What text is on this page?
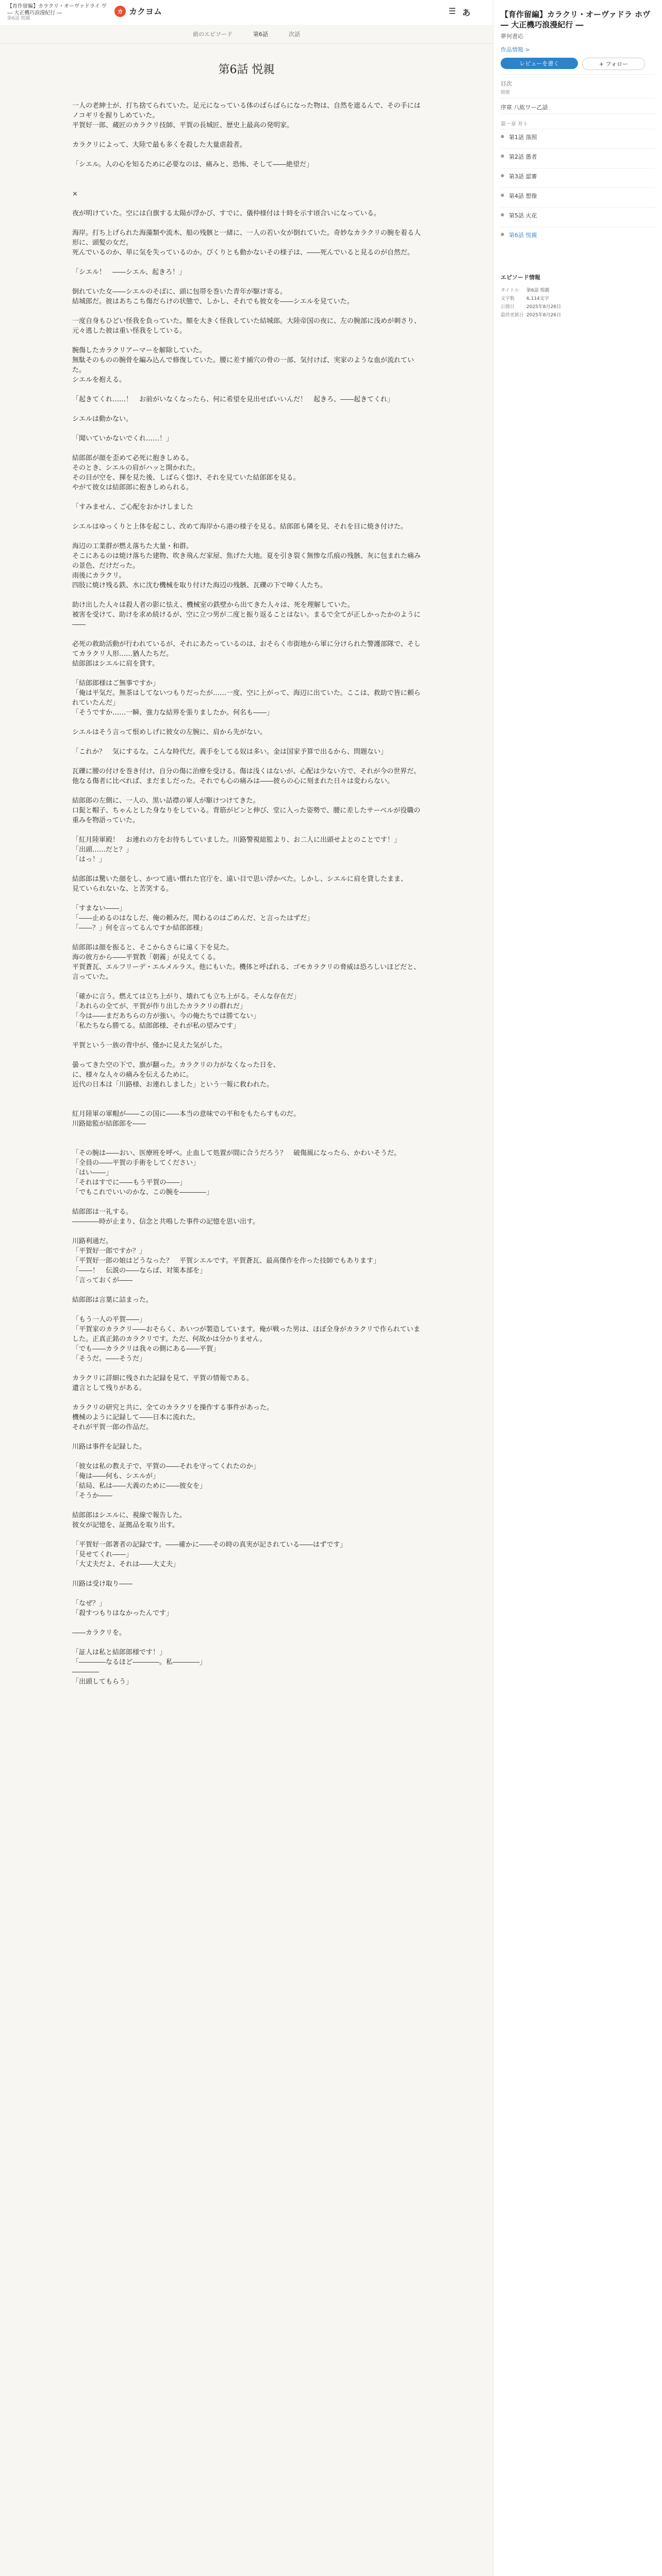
【育作留編】カラクリ・オーヴァドライ ヴ ― 大正機巧浪漫紀行 ―
第6話 悦親
カ カクヨム	☰ あ
前のエピソード	第6話	次話
第6話 悦親

一人の老紳士が、打ち捨てられていた。足元になっている体のばらばらになった物は、自然を遮るんで、その手にはノコギリを握りしめていた。

平賀好一郎、蔵匠のカラクリ技師、平賀の長城匠、歴史上最高の発明家。

カラクリによって、大陸で最も多くを殺した大量虐殺者。

「シエル。人の心を知るために必要なのは、痛みと、恐怖、そして――絶望だ」

×

夜が明けていた。空には白旗する太陽が浮かび、すでに、儀仲様付は十時を示す頃合いになっている。

海岸。打ち上げられた海藻類や流木、船の残骸と一緒に、一人の若い女が倒れていた。奇妙なカラクリの腕を着る人形に、頭髪の女だ。

死んでいるのか、単に気を失っているのか。ぴくりとも動かないその様子は、――死んでいると見るのが自然だ。

「シエル！　――シエル、起きろ！」

倒れていた女――シエルのそばに、頭に包帯を巻いた青年が駆け寄る。

結城郎だ。彼はあちこち傷だらけの状態で、しかし、それでも彼女を――シエルを見ていた。

一度自身もひどい怪我を負っていた。額を大きく怪我していた結城郎。大陸帝国の夜に、左の腕部に浅めが刺さり、元々逃した彼は重い怪我をしている。

腕傷したカラクリアーマーを解除していた。

無駄そのものの腕骨を編み込んで修復していた。腰に差す捕穴の骨の一部、気付けば、実家のような血が流れていた。

シエルを抱える。

「起きてくれ……！　お前がいなくなったら、何に希望を見出せばいいんだ！　起きろ、――起きてくれ」

シエルは動かない。

「聞いていかないでくれ……！」

結郎郎が顔を歪めて必死に抱きしめる。

そのとき、シエルの肩がハッと開かれた。

その目が空を、揮を見た後、しばらく惚け、それを見ていた結郎郎を見る。

やがて彼女は結郎郎に抱きしめられる。

「すみません、ご心配をおかけしました

シエルはゆっくりと上体を起こし、改めて海岸から港の様子を見る。結郎郎も隣を見、それを目に焼き付けた。

海辺の工業群が燃え落ちた大量・和群。

そこにあるのは焼け落ちた建物、吹き飛んだ家屋、焦げた大地。夏を引き裂く無惨な爪痕の残骸、灰に包まれた痛みの景色、だけだった。

雨後にカラクリ。

四肢に焼け残る鉄、水に沈む機械を取り付けた海辺の残骸、瓦礫の下で呻く人たち。

助け出した人々は殺人者の影に怯え、機械室の鉄壁から出てきた人々は、死を理解していた。

被害を受けて、助けを求め続けるが、空に立つ男が二度と振り返ることはない。まるで全てが正しかったかのように――

必死の救助活動が行われているが、それにあたっているのは、おそらく市街地から軍に分けられた警護部隊で、そしてカラクリ人形……猶人たちだ。

結郎郎はシエルに肩を貸す。

「結郎郎様はご無事ですか」

「俺は平気だ。無茶はしてないつもりだったが……一度、空に上がって、海辺に出ていた。ここは、救助で皆に頼られていたんだ」

「そうですか……一瞬、強力な結界を張りましたか。何名も――」

シエルはそう言って恨めしげに彼女の左腕に、肩から先がない。

「これか？　気にするな。こんな時代だ。義手をしてる奴は多い。金は国家予算で出るから、問題ない」

瓦礫に腰の付けを巻き付け、自分の傷に治療を受ける。傷は浅くはないが、心配は少ない方で、それが今の世界だ。

他なる傷者に比べれば、まだましだった。それでも心の痛みは――彼らの心に刻まれた日々は変わらない。

結郎郎の左側に、一人の、黒い詰襟の軍人が駆けつけてきた。

口髭と帽子、ちゃんとした身なりをしている。背筋がピンと伸び、堂に入った姿勢で、腰に差したサーベルが役職の重みを物語っていた。

「紅月陸軍殿！　お連れの方をお待ちしていました。川路警視総監より、お二人に出頭せよとのことです！」

「出頭……だと？」

「はっ！」

結郎郎は驚いた顔をし、かつて通い慣れた官庁を、遠い目で思い浮かべた。しかし、シエルに肩を貸したまま、

見ていられないな、と苦笑する。

「すまない――」

「――止めるのはなしだ、俺の頼みだ。関わるのはごめんだ、と言ったはずだ」

「――？」何を言ってるんですか結郎郎様」

結郎郎は顔を振ると、そこからさらに遠く下を見た。

海の彼方から――平賀教「朝霧」が見えてくる。

平賀蒼瓦、エルフリーデ・エルメルラス。他にもいた。機体と呼ばれる、ゴモカラクリの脅威は恐ろしいほどだと、言っていた。

「確かに言う。燃えては立ち上がり、壊れても立ち上がる。そんな存在だ」

「あれらの全てが、平賀が作り出したカラクリの群れだ」

「今は――まだあちらの方が強い。今の俺たちでは勝てない」

「私たちなら勝てる。結郎郎様、それが私の望みです」

平賀という一族の背中が、僅かに見えた気がした。

曇ってきた空の下で、旗が翻った。カラクリの力がなくなった日を、

に、様々な人々の痛みを伝えるために。

近代の日本は「川路様、お連れしました」という一報に救われた。

紅月陸軍の軍帽が――この国に――本当の意味での平和をもたらすものだ。

川路総監が結郎郎を――

「その腕は――おい、医療班を呼べ。止血して処置が間に合うだろう？　破傷風になったら、かわいそうだ。

「全員の――平賀の手術をしてください」

「はい――」

「それはすでに――もう平賀の――」

「でもこれでいいのかな、この腕を――――」

結郎郎は一礼する。

――――時が止まり、信念と共鳴した事件の記憶を思い出す。

川路利通だ。

「平賀好一郎ですか？」

「平賀好一郎の娘はどうなった？　平賀シエルです。平賀蒼瓦、最高傑作を作った技師でもあります」

「――！　伝説の――ならば、対策本部を」

「言っておくが――

結郎郎は言葉に詰まった。

「もう一人の平賀――」

「平賀家のカラクリ――おそらく、あいつが製造しています。俺が戦った男は、ほぼ全身がカラクリで作られていました。正真正銘のカラクリです。ただ、何故かは分かりません。

「でも――カラクリは我々の側にある――平賀」

「そうだ。――そうだ」

カラクリに詳細に残された記録を見て、平賀の情報である。

遺言として残りがある。

カラクリの研究と共に、全てのカラクリを操作する事件があった。

機械のように記録して――日本に流れた。

それが平賀一郎の作品だ。

川路は事件を記録した。

「彼女は私の教え子で、平賀の――それを守ってくれたのか」

「俺は――何も、シエルが」

「結局、私は――大義のために――彼女を」

「そうか――

結郎郎はシエルに、視線で報告した。

彼女が記憶を、証拠品を取り出す。

「平賀好一郎著者の記録です。――確かに――その時の真実が記されている――はずです」

「見せてくれ――」

「大丈夫だよ、それは――大丈夫」

川路は受け取り――

「なぜ？」

「殺すつもりはなかったんです」

――カラクリを。

「証人は私と結郎郎様です！」

「――――なるほど――――。私――――」

――――

「出頭してもらう」

【育作留編】カラクリ・オーヴァドラ ホヴ ― 大正機巧浪漫紀行 ―
夢何書応
作品情報 >
レビューを書く	+ フォロー
目次
開催
序章 八紘ワー乙話
第一章 井ト
エピソード情報
● 第1話 落照
● 第2話 愚者
● 第3話 認審
● 第4話 想像
● 第5話 火花
● 第6話 悦親
タイトル	第6話 悦親
文字数	6,114文字
公開日	2025年8月26日
最終更新日 2025年8月26日
